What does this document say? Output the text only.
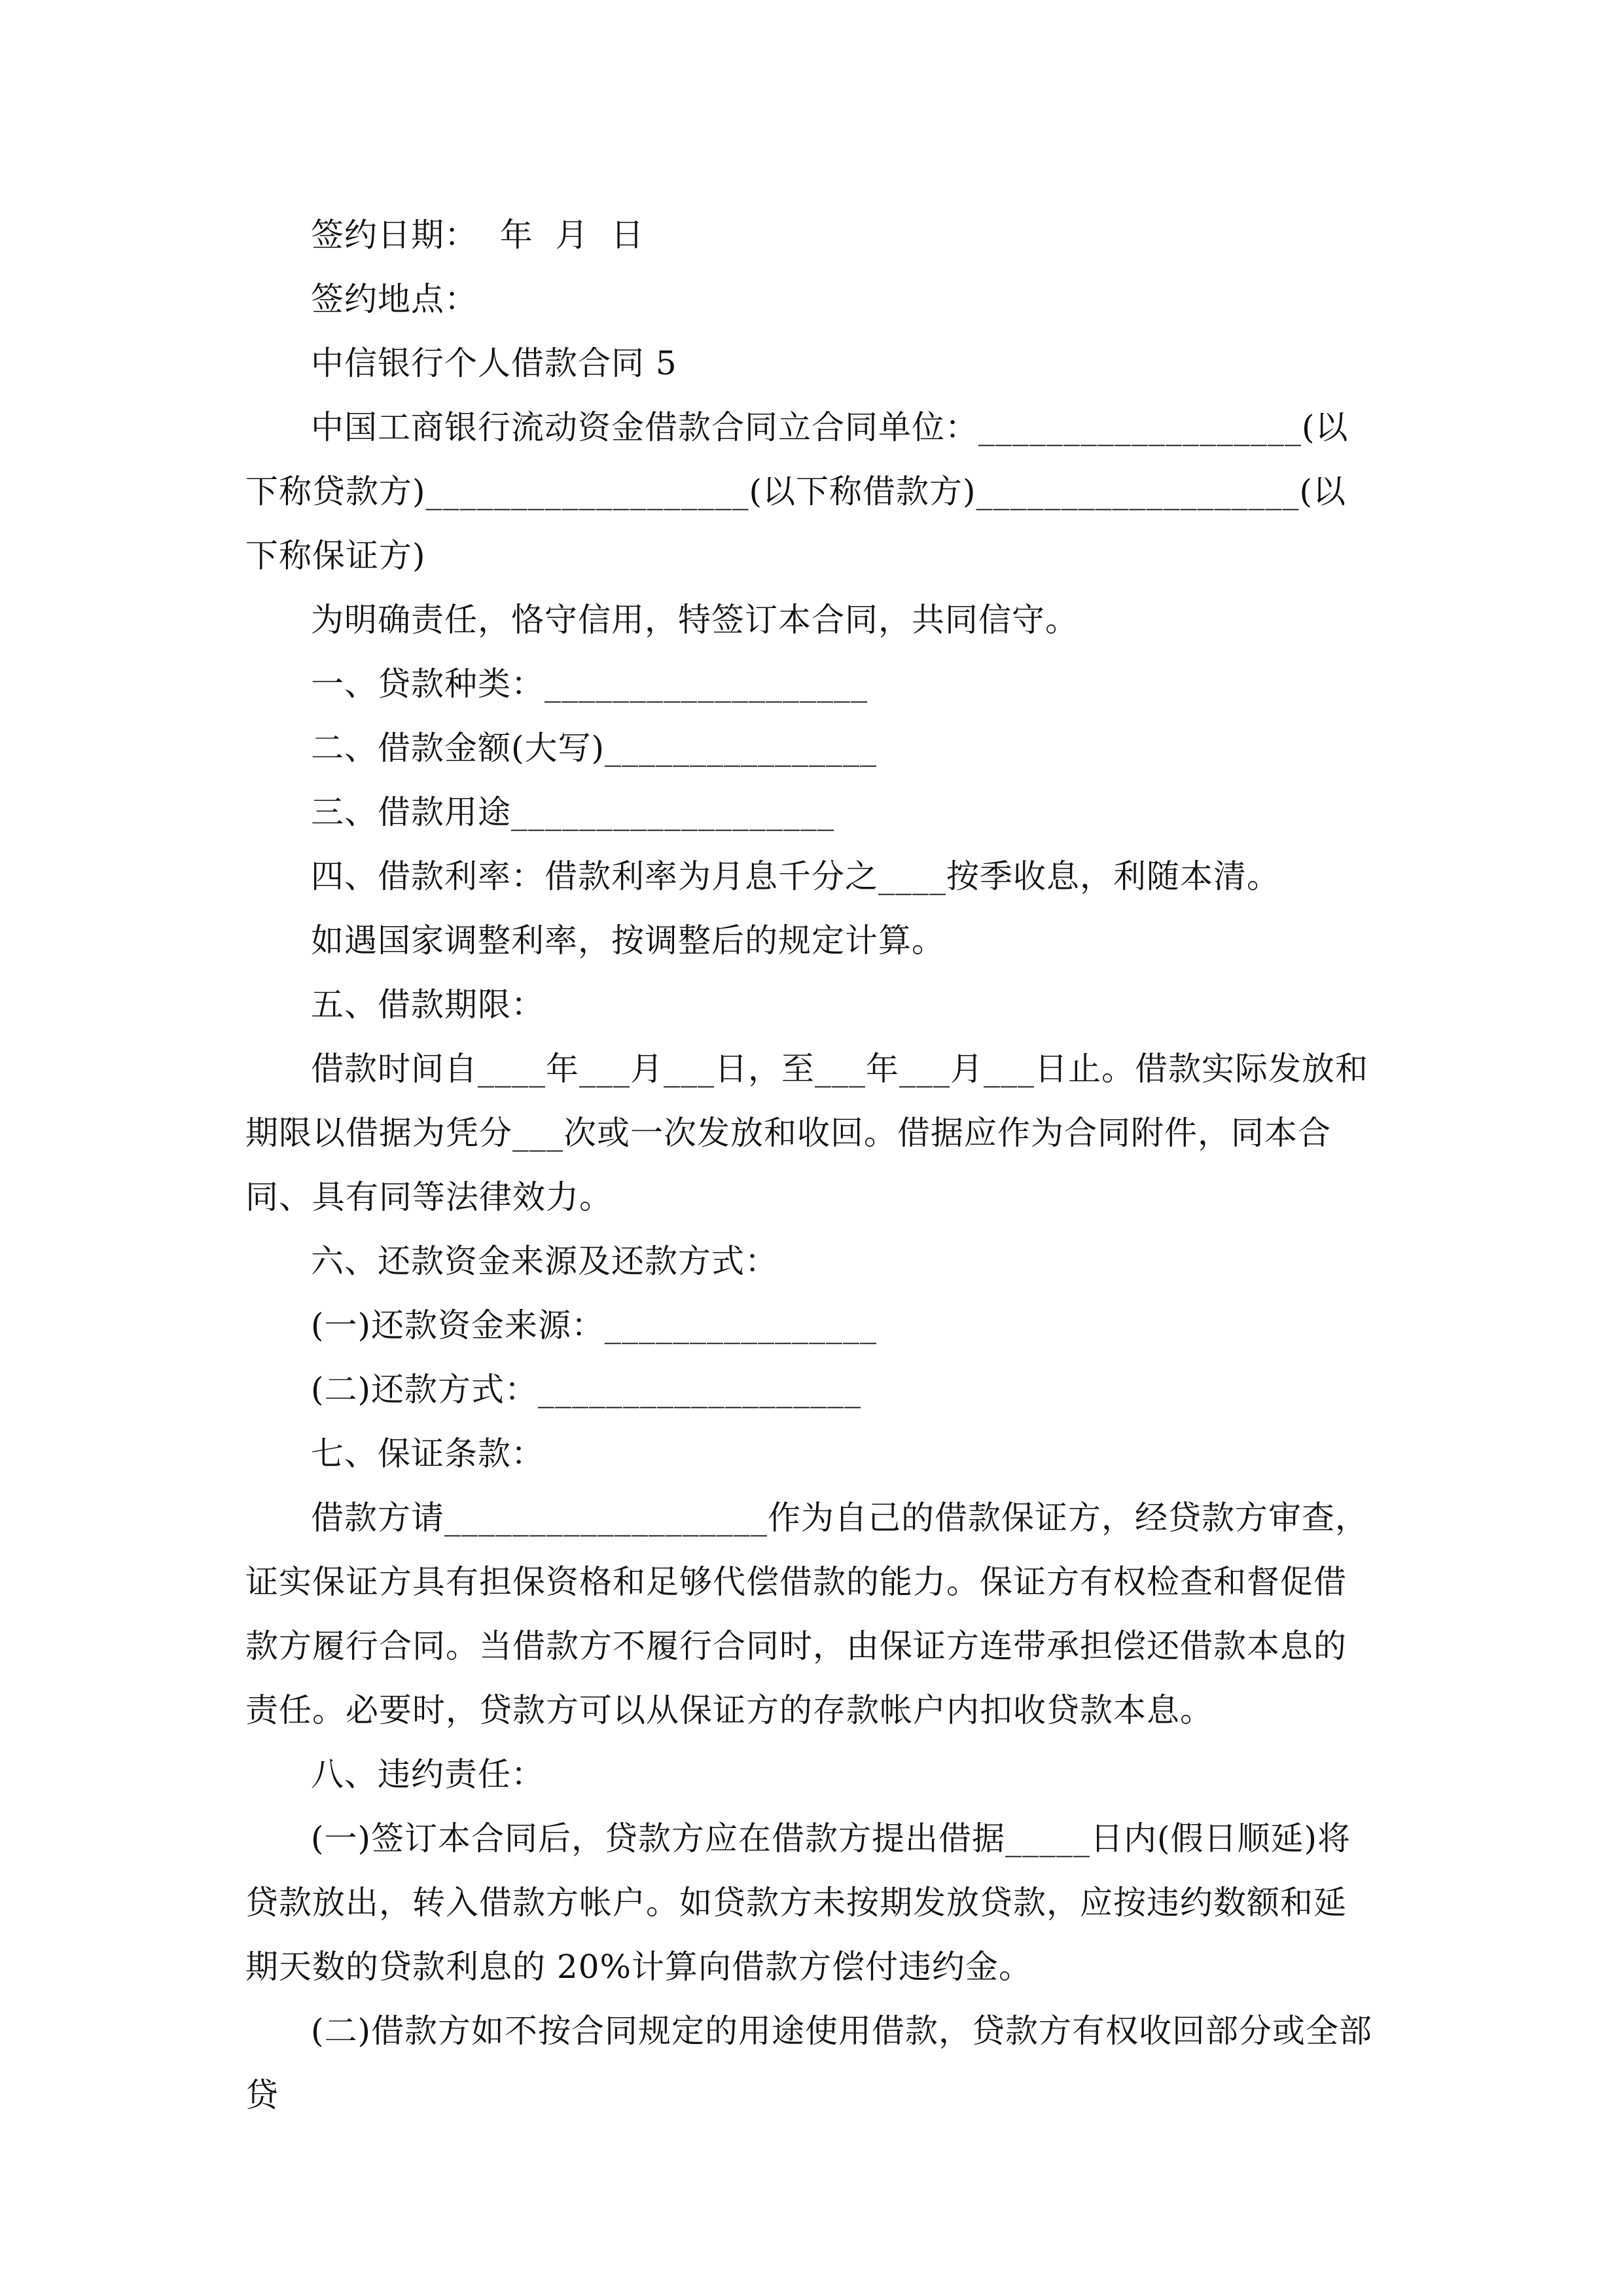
签约日期：  年  月  日

签约地点：

中信银行个人借款合同 5

中国工商银行流动资金借款合同立合同单位：___________________(以下称贷款方)___________________(以下称借款方)___________________(以下称保证方)

为明确责任，恪守信用，特签订本合同，共同信守。

一、贷款种类：___________________

二、借款金额(大写)________________

三、借款用途___________________

四、借款利率：借款利率为月息千分之____按季收息，利随本清。

如遇国家调整利率，按调整后的规定计算。

五、借款期限：

借款时间自____年___月___日，至___年___月___日止。借款实际发放和期限以借据为凭分___次或一次发放和收回。借据应作为合同附件，同本合同、具有同等法律效力。

六、还款资金来源及还款方式：

(一)还款资金来源：________________

(二)还款方式：___________________

七、保证条款：

借款方请___________________作为自己的借款保证方，经贷款方审查，证实保证方具有担保资格和足够代偿借款的能力。保证方有权检查和督促借款方履行合同。当借款方不履行合同时，由保证方连带承担偿还借款本息的责任。必要时，贷款方可以从保证方的存款帐户内扣收贷款本息。

八、违约责任：

(一)签订本合同后，贷款方应在借款方提出借据_____日内(假日顺延)将贷款放出，转入借款方帐户。如贷款方未按期发放贷款，应按违约数额和延期天数的贷款利息的 20%计算向借款方偿付违约金。

(二)借款方如不按合同规定的用途使用借款，贷款方有权收回部分或全部贷
